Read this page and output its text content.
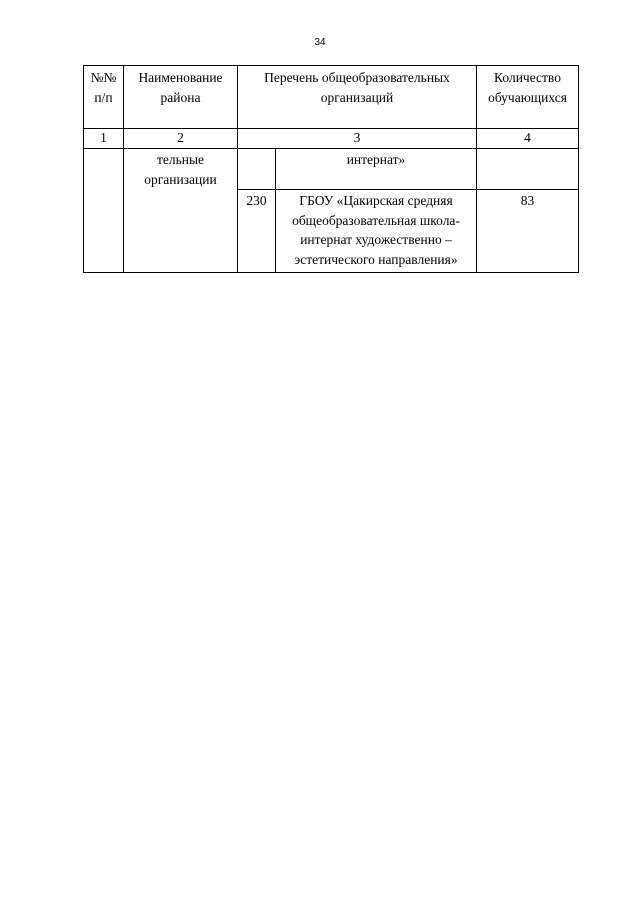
34
№№ п/п	Наименование района	Перечень общеобразовательных организаций		Количество обучающихся
1	2	3		4
	тельные организации		интернат»	
		230	ГБОУ «Цакирская средняя общеобразовательная школа-интернат художественно – эстетического направления»	83
